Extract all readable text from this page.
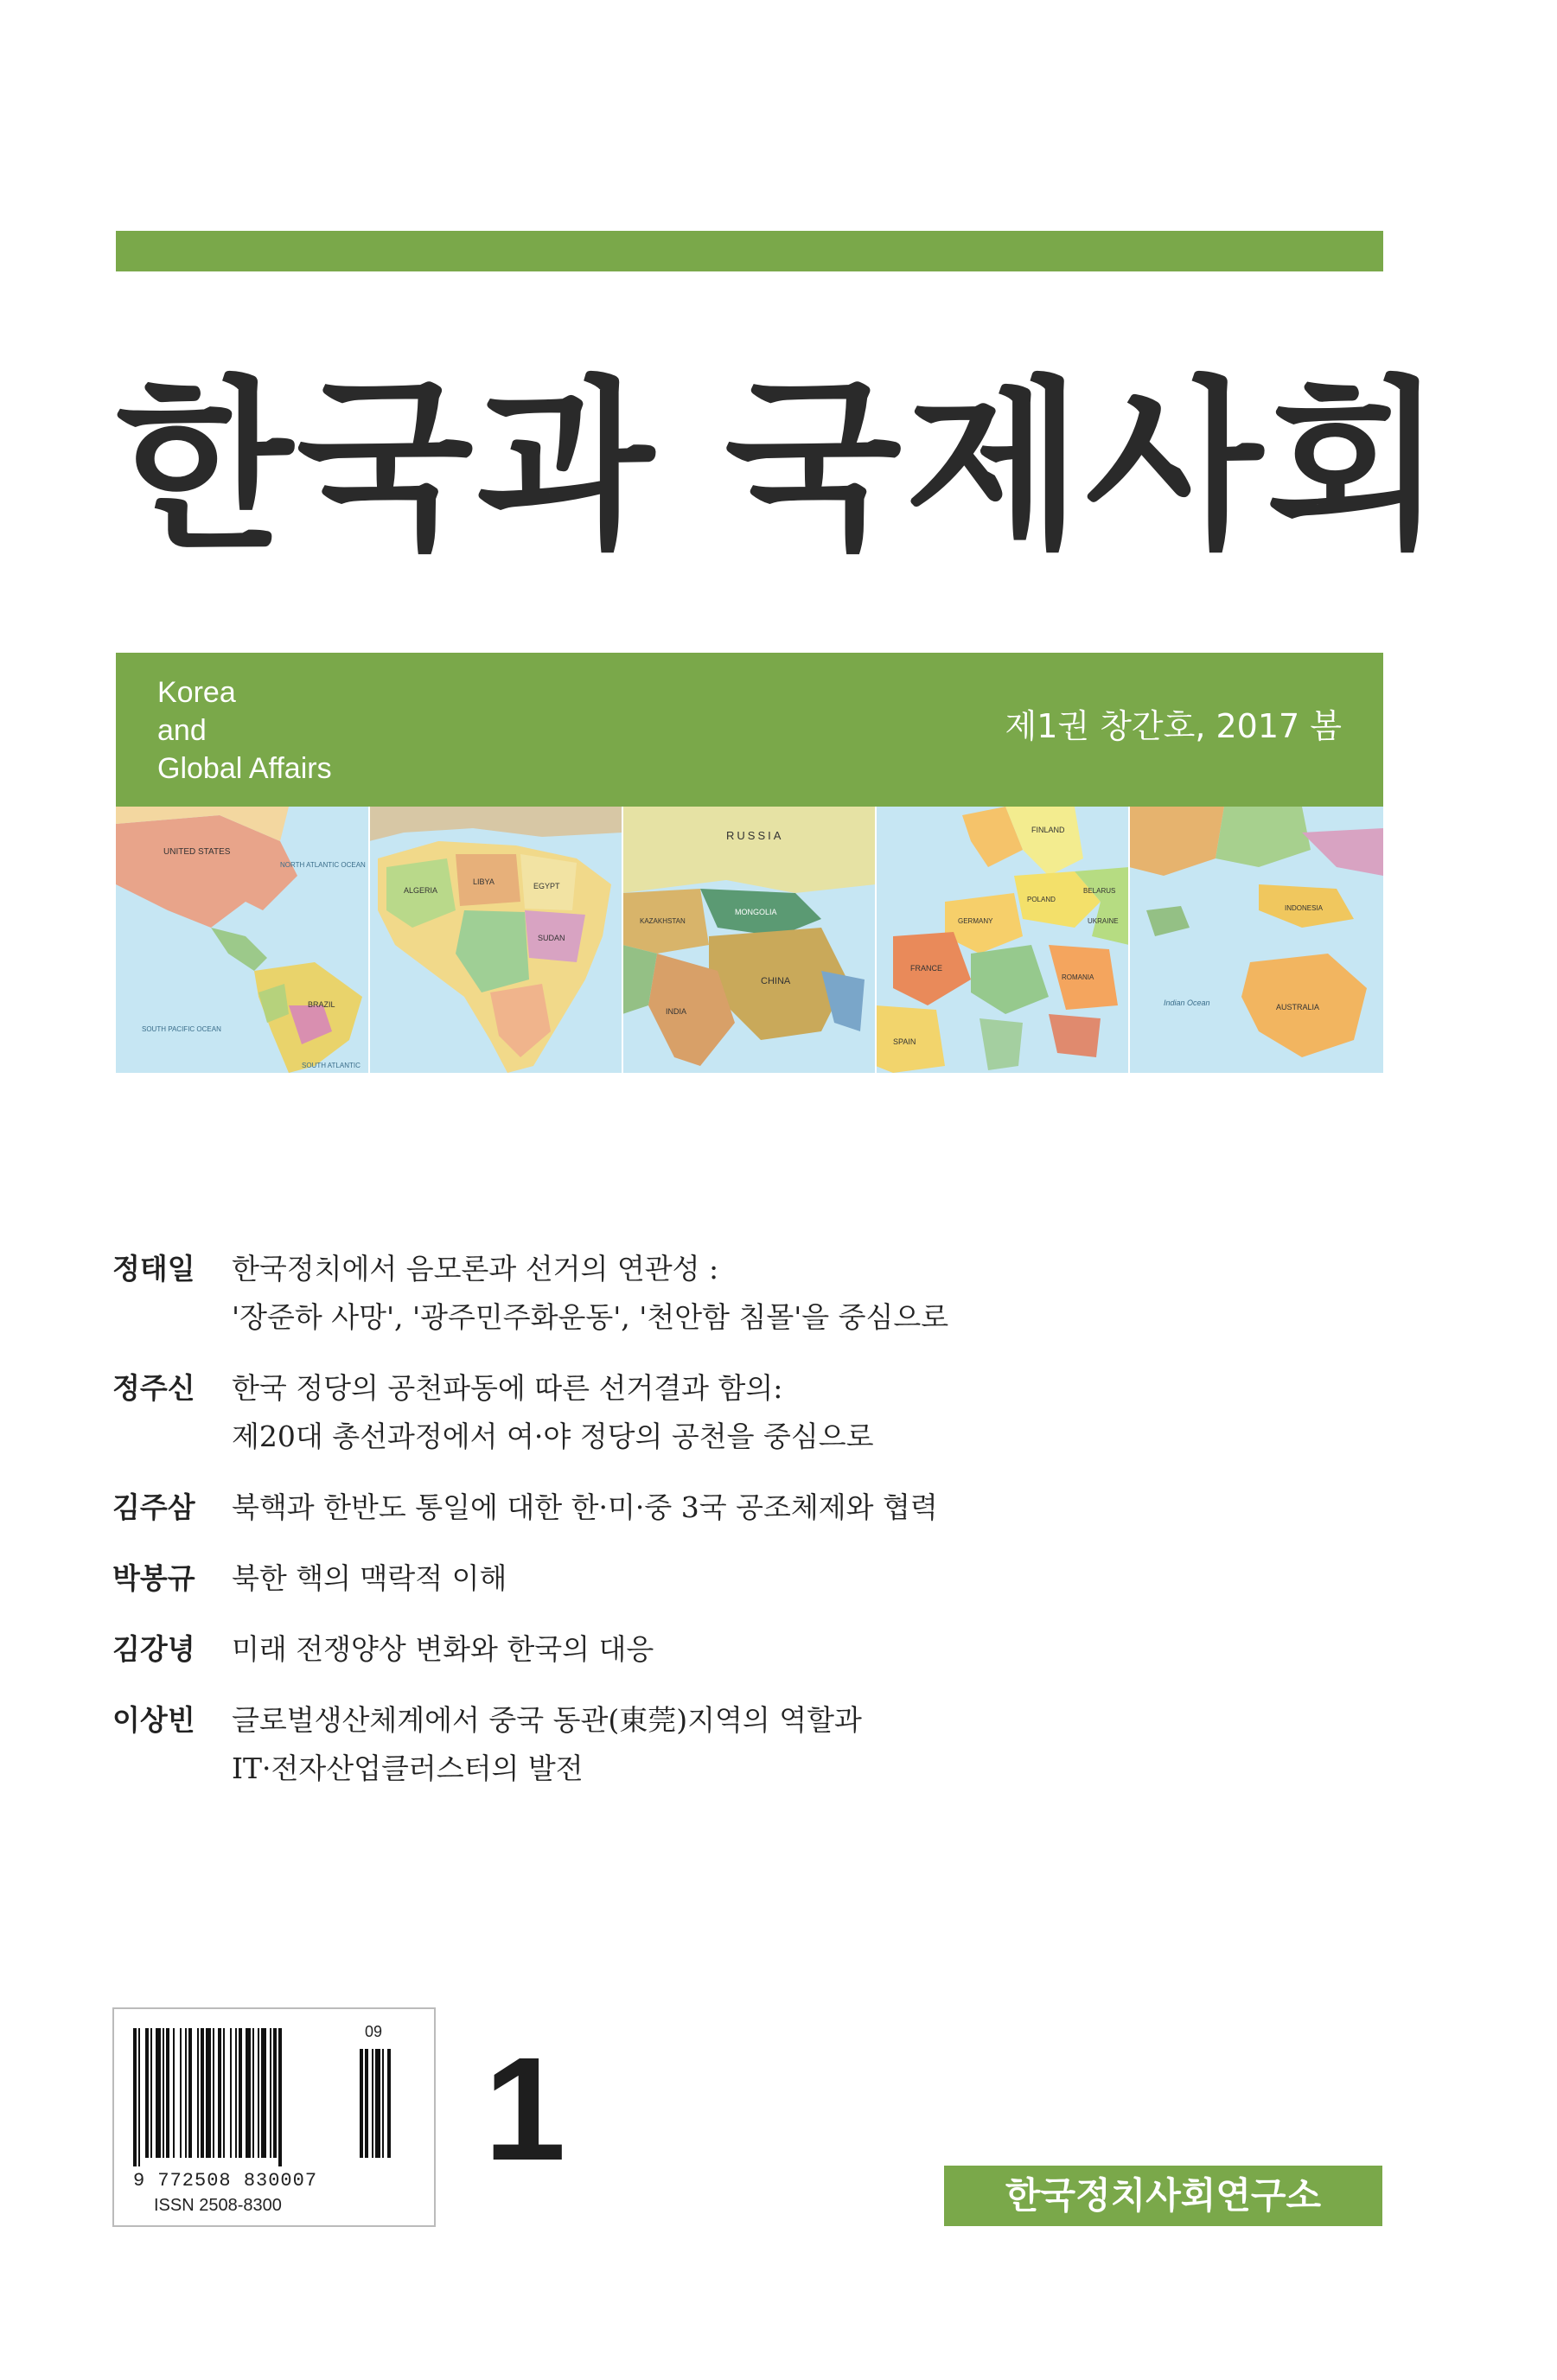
한국과 국제사회
Korea
and
Global Affairs
제1권 창간호, 2017 봄
UNITED STATES
NORTH ATLANTIC OCEAN
BRAZIL
SOUTH PACIFIC OCEAN
SOUTH ATLANTIC
ALGERIA
LIBYA	EGYPT
SUDAN
RUSSIA
MONGOLIA
KAZAKHSTAN
CHINA
INDIA
FINLAND
FRANCE
GERMANY
POLAND
BELARUS
UKRAINE
ROMANIA
SPAIN
INDONESIA
AUSTRALIA
Indian Ocean
정태일	한국정치에서 음모론과 선거의 연관성 :
'장준하 사망', '광주민주화운동', '천안함 침몰'을 중심으로
정주신	한국 정당의 공천파동에 따른 선거결과 함의:
제20대 총선과정에서 여·야 정당의 공천을 중심으로
김주삼	북핵과 한반도 통일에 대한 한·미·중 3국 공조체제와 협력
박봉규	북한 핵의 맥락적 이해
김강녕	미래 전쟁양상 변화와 한국의 대응
이상빈	글로벌생산체계에서 중국 동관(東莞)지역의 역할과
IT·전자산업클러스터의 발전
09
9 772508 830007
ISSN 2508-8300
1
한국정치사회연구소
